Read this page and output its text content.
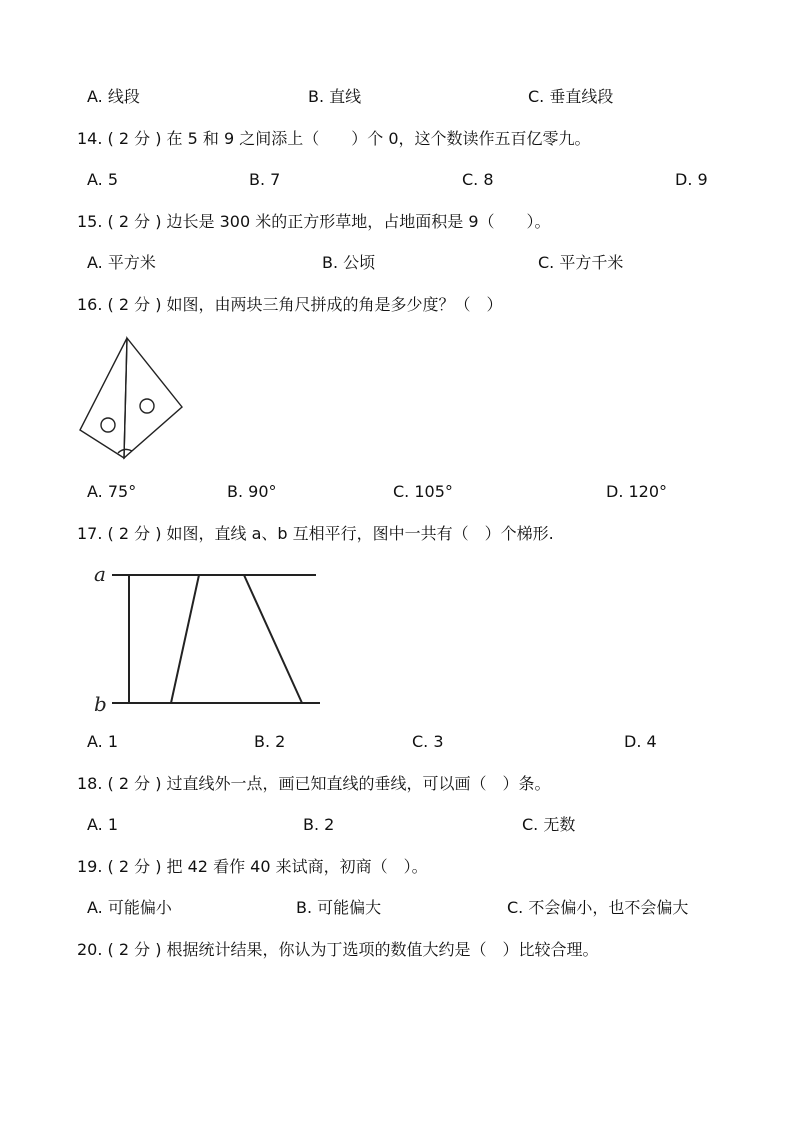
A. 线段	B. 直线	C. 垂直线段
14. ( 2 分 ) 在 5 和 9 之间添上（　　）个 0，这个数读作五百亿零九。
A. 5	B. 7	C. 8	D. 9
15. ( 2 分 ) 边长是 300 米的正方形草地，占地面积是 9（　　）。
A. 平方米	B. 公顷	C. 平方千米
16. ( 2 分 ) 如图，由两块三角尺拼成的角是多少度？（　）
A. 75°	B. 90°	C. 105°	D. 120°
17. ( 2 分 ) 如图，直线 a、b 互相平行，图中一共有（　）个梯形.
a
b
A. 1	B. 2	C. 3	D. 4
18. ( 2 分 ) 过直线外一点，画已知直线的垂线，可以画（　）条。
A. 1	B. 2	C. 无数
19. ( 2 分 ) 把 42 看作 40 来试商，初商（　）。
A. 可能偏小	B. 可能偏大	C. 不会偏小，也不会偏大
20. ( 2 分 ) 根据统计结果，你认为丁选项的数值大约是（　）比较合理。
